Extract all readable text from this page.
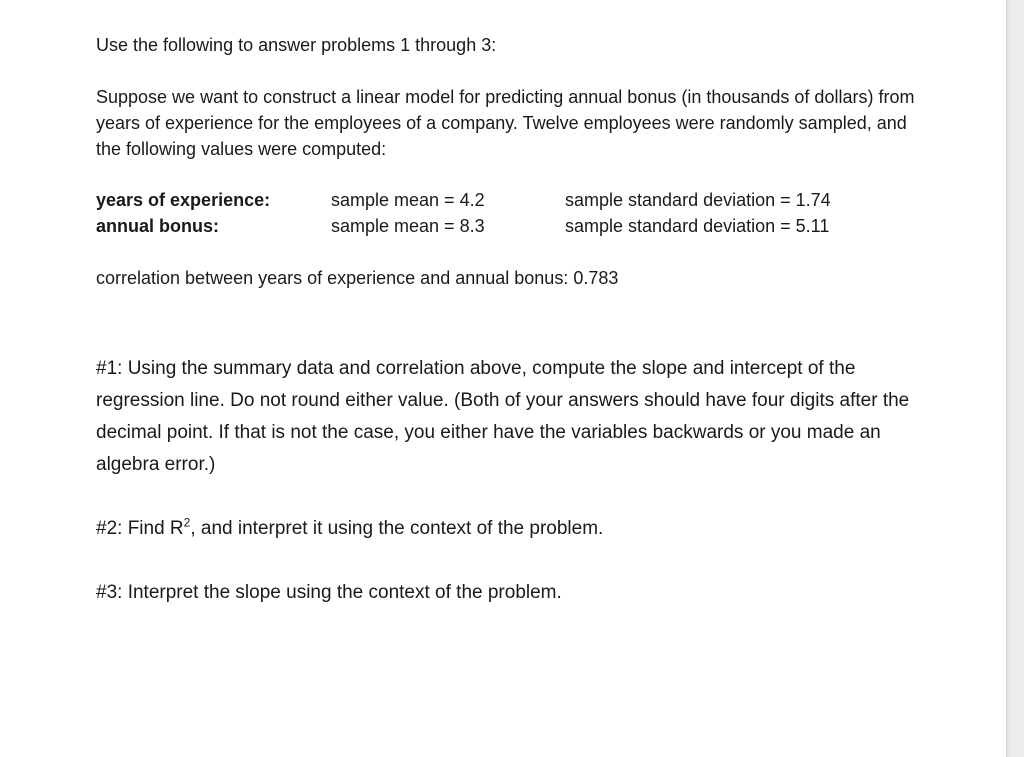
Use the following to answer problems 1 through 3:
Suppose we want to construct a linear model for predicting annual bonus (in thousands of dollars) from years of experience for the employees of a company. Twelve employees were randomly sampled, and the following values were computed:
years of experience:	sample mean = 4.2	sample standard deviation = 1.74
annual bonus:	sample mean = 8.3	sample standard deviation = 5.11
correlation between years of experience and annual bonus: 0.783
#1: Using the summary data and correlation above, compute the slope and intercept of the regression line. Do not round either value. (Both of your answers should have four digits after the decimal point. If that is not the case, you either have the variables backwards or you made an algebra error.)
#2: Find $R^2$, and interpret it using the context of the problem.
#3: Interpret the slope using the context of the problem.
